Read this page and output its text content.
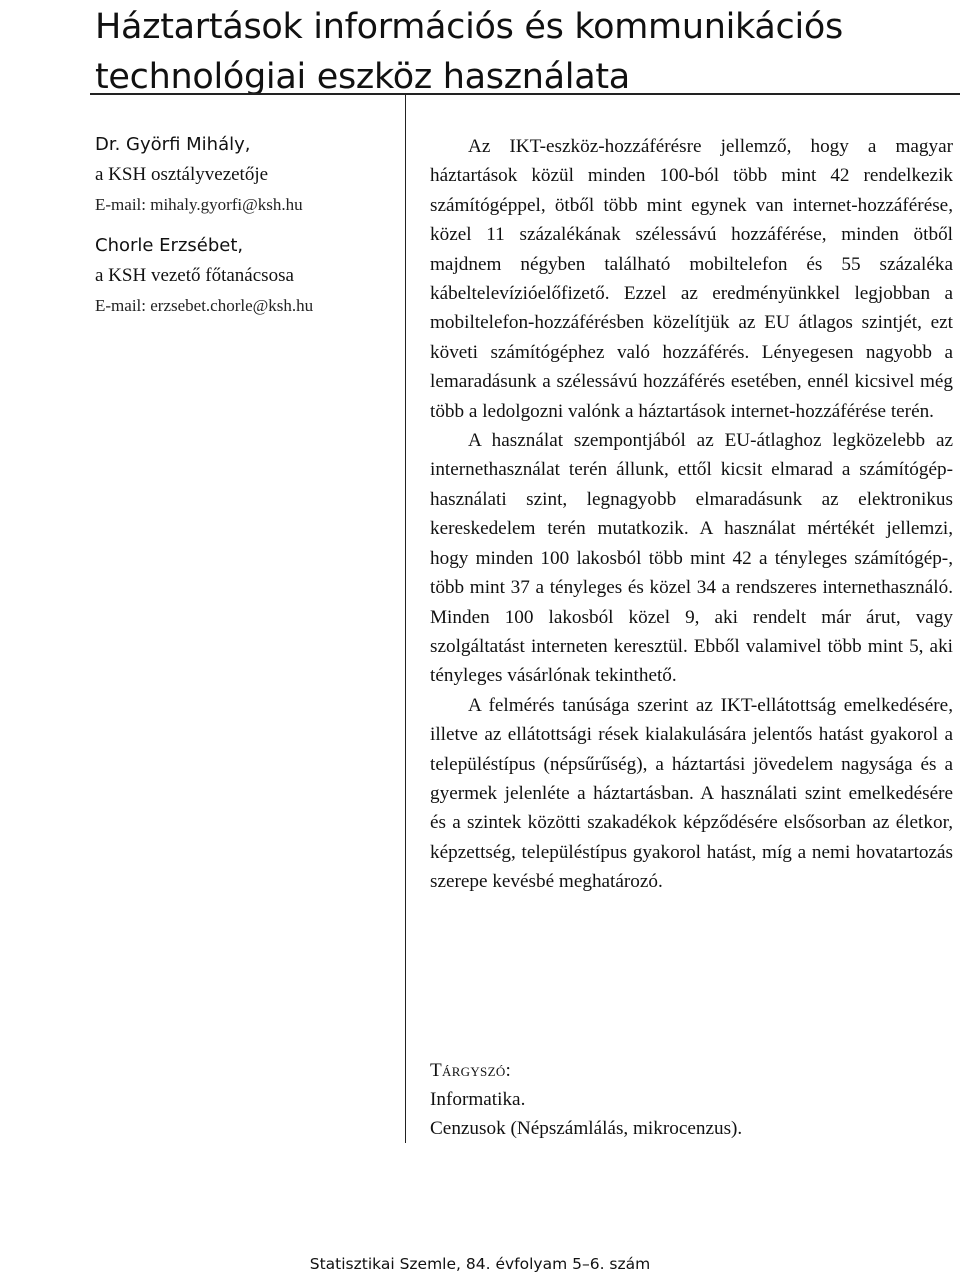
Háztartások információs és kommunikációs technológiai eszköz használata
Dr. Györfi Mihály,
a KSH osztályvezetője
E-mail: mihaly.gyorfi@ksh.hu
Chorle Erzsébet,
a KSH vezető főtanácsosa
E-mail: erzsebet.chorle@ksh.hu

Az IKT-eszköz-hozzáférésre jellemző, hogy a magyar háztartások közül minden 100-ból több mint 42 rendelkezik számítógéppel, ötből több mint egynek van internet-hozzáférése, közel 11 százalékának szélessávú hozzáférése, minden ötből majdnem négyben található mobiltelefon és 55 százaléka kábeltelevízióelőfizető. Ezzel az eredményünkkel legjobban a mobiltelefon-hozzáférésben közelítjük az EU átlagos szintjét, ezt követi számítógéphez való hozzáférés. Lényegesen nagyobb a lemaradásunk a szélessávú hozzáférés esetében, ennél kicsivel még több a ledolgozni valónk a háztartások internet-hozzáférése terén.

A használat szempontjából az EU-átlaghoz legközelebb az internethasználat terén állunk, ettől kicsit elmarad a számítógép-használati szint, legnagyobb elmaradásunk az elektronikus kereskedelem terén mutatkozik. A használat mértékét jellemzi, hogy minden 100 lakosból több mint 42 a tényleges számítógép-, több mint 37 a tényleges és közel 34 a rendszeres internethasználó. Minden 100 lakosból közel 9, aki rendelt már árut, vagy szolgáltatást interneten keresztül. Ebből valamivel több mint 5, aki tényleges vásárlónak tekinthető.

A felmérés tanúsága szerint az IKT-ellátottság emelkedésére, illetve az ellátottsági rések kialakulására jelentős hatást gyakorol a településtípus (népsűrűség), a háztartási jövedelem nagysága és a gyermek jelenléte a háztartásban. A használati szint emelkedésére és a szintek közötti szakadékok képződésére elsősorban az életkor, képzettség, településtípus gyakorol hatást, míg a nemi hovatartozás szerepe kevésbé meghatározó.

Tárgyszó:
Informatika.
Cenzusok (Népszámlálás, mikrocenzus).
Statisztikai Szemle, 84. évfolyam 5–6. szám
